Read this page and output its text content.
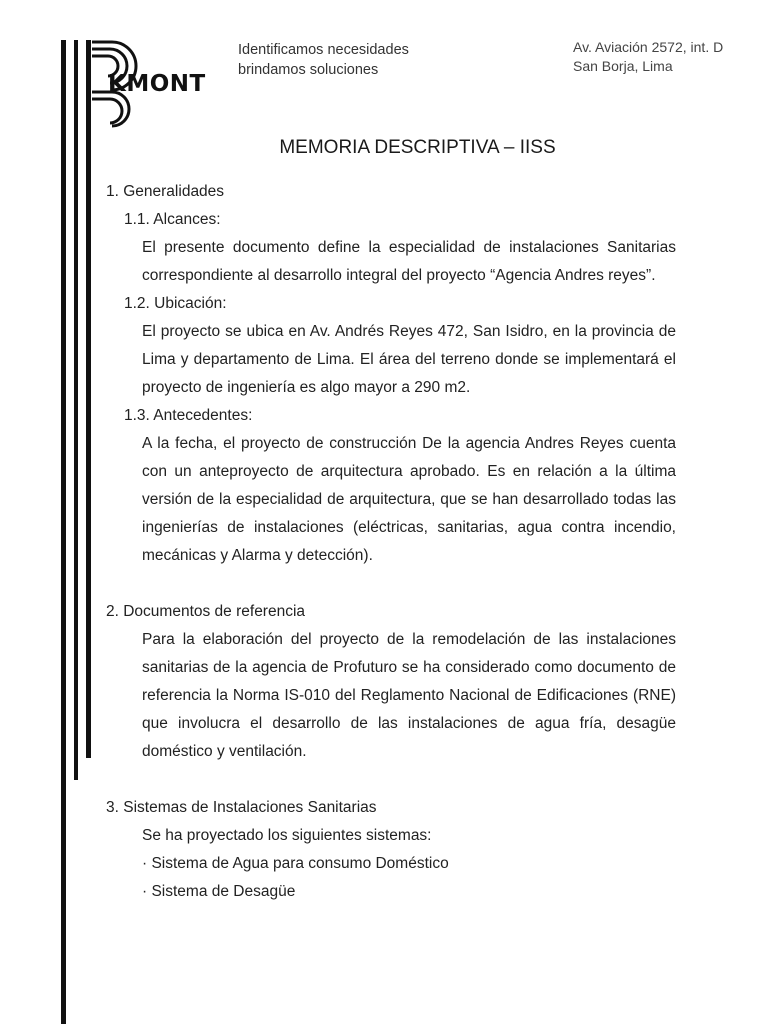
KMONT
Identificamos necesidades
brindamos soluciones
Av. Aviación 2572, int. D
San Borja, Lima
MEMORIA DESCRIPTIVA – IISS
1. Generalidades
1.1. Alcances:
El presente documento define la especialidad de instalaciones Sanitarias correspondiente al desarrollo integral del proyecto “Agencia Andres reyes”.
1.2. Ubicación:
El proyecto se ubica en Av. Andrés Reyes 472, San Isidro, en la provincia de Lima y departamento de Lima. El área del terreno donde se implementará el proyecto de ingeniería es algo mayor a 290 m2.
1.3. Antecedentes:
A la fecha, el proyecto de construcción De la agencia Andres Reyes cuenta con un anteproyecto de arquitectura aprobado. Es en relación a la última versión de la especialidad de arquitectura, que se han desarrollado todas las ingenierías de instalaciones (eléctricas, sanitarias, agua contra incendio, mecánicas y Alarma y detección).
2. Documentos de referencia
Para la elaboración del proyecto de la remodelación de las instalaciones sanitarias de la agencia de Profuturo se ha considerado como documento de referencia la Norma IS-010 del Reglamento Nacional de Edificaciones (RNE) que involucra el desarrollo de las instalaciones de agua fría, desagüe doméstico y ventilación.
3. Sistemas de Instalaciones Sanitarias
Se ha proyectado los siguientes sistemas:
· Sistema de Agua para consumo Doméstico
· Sistema de Desagüe
